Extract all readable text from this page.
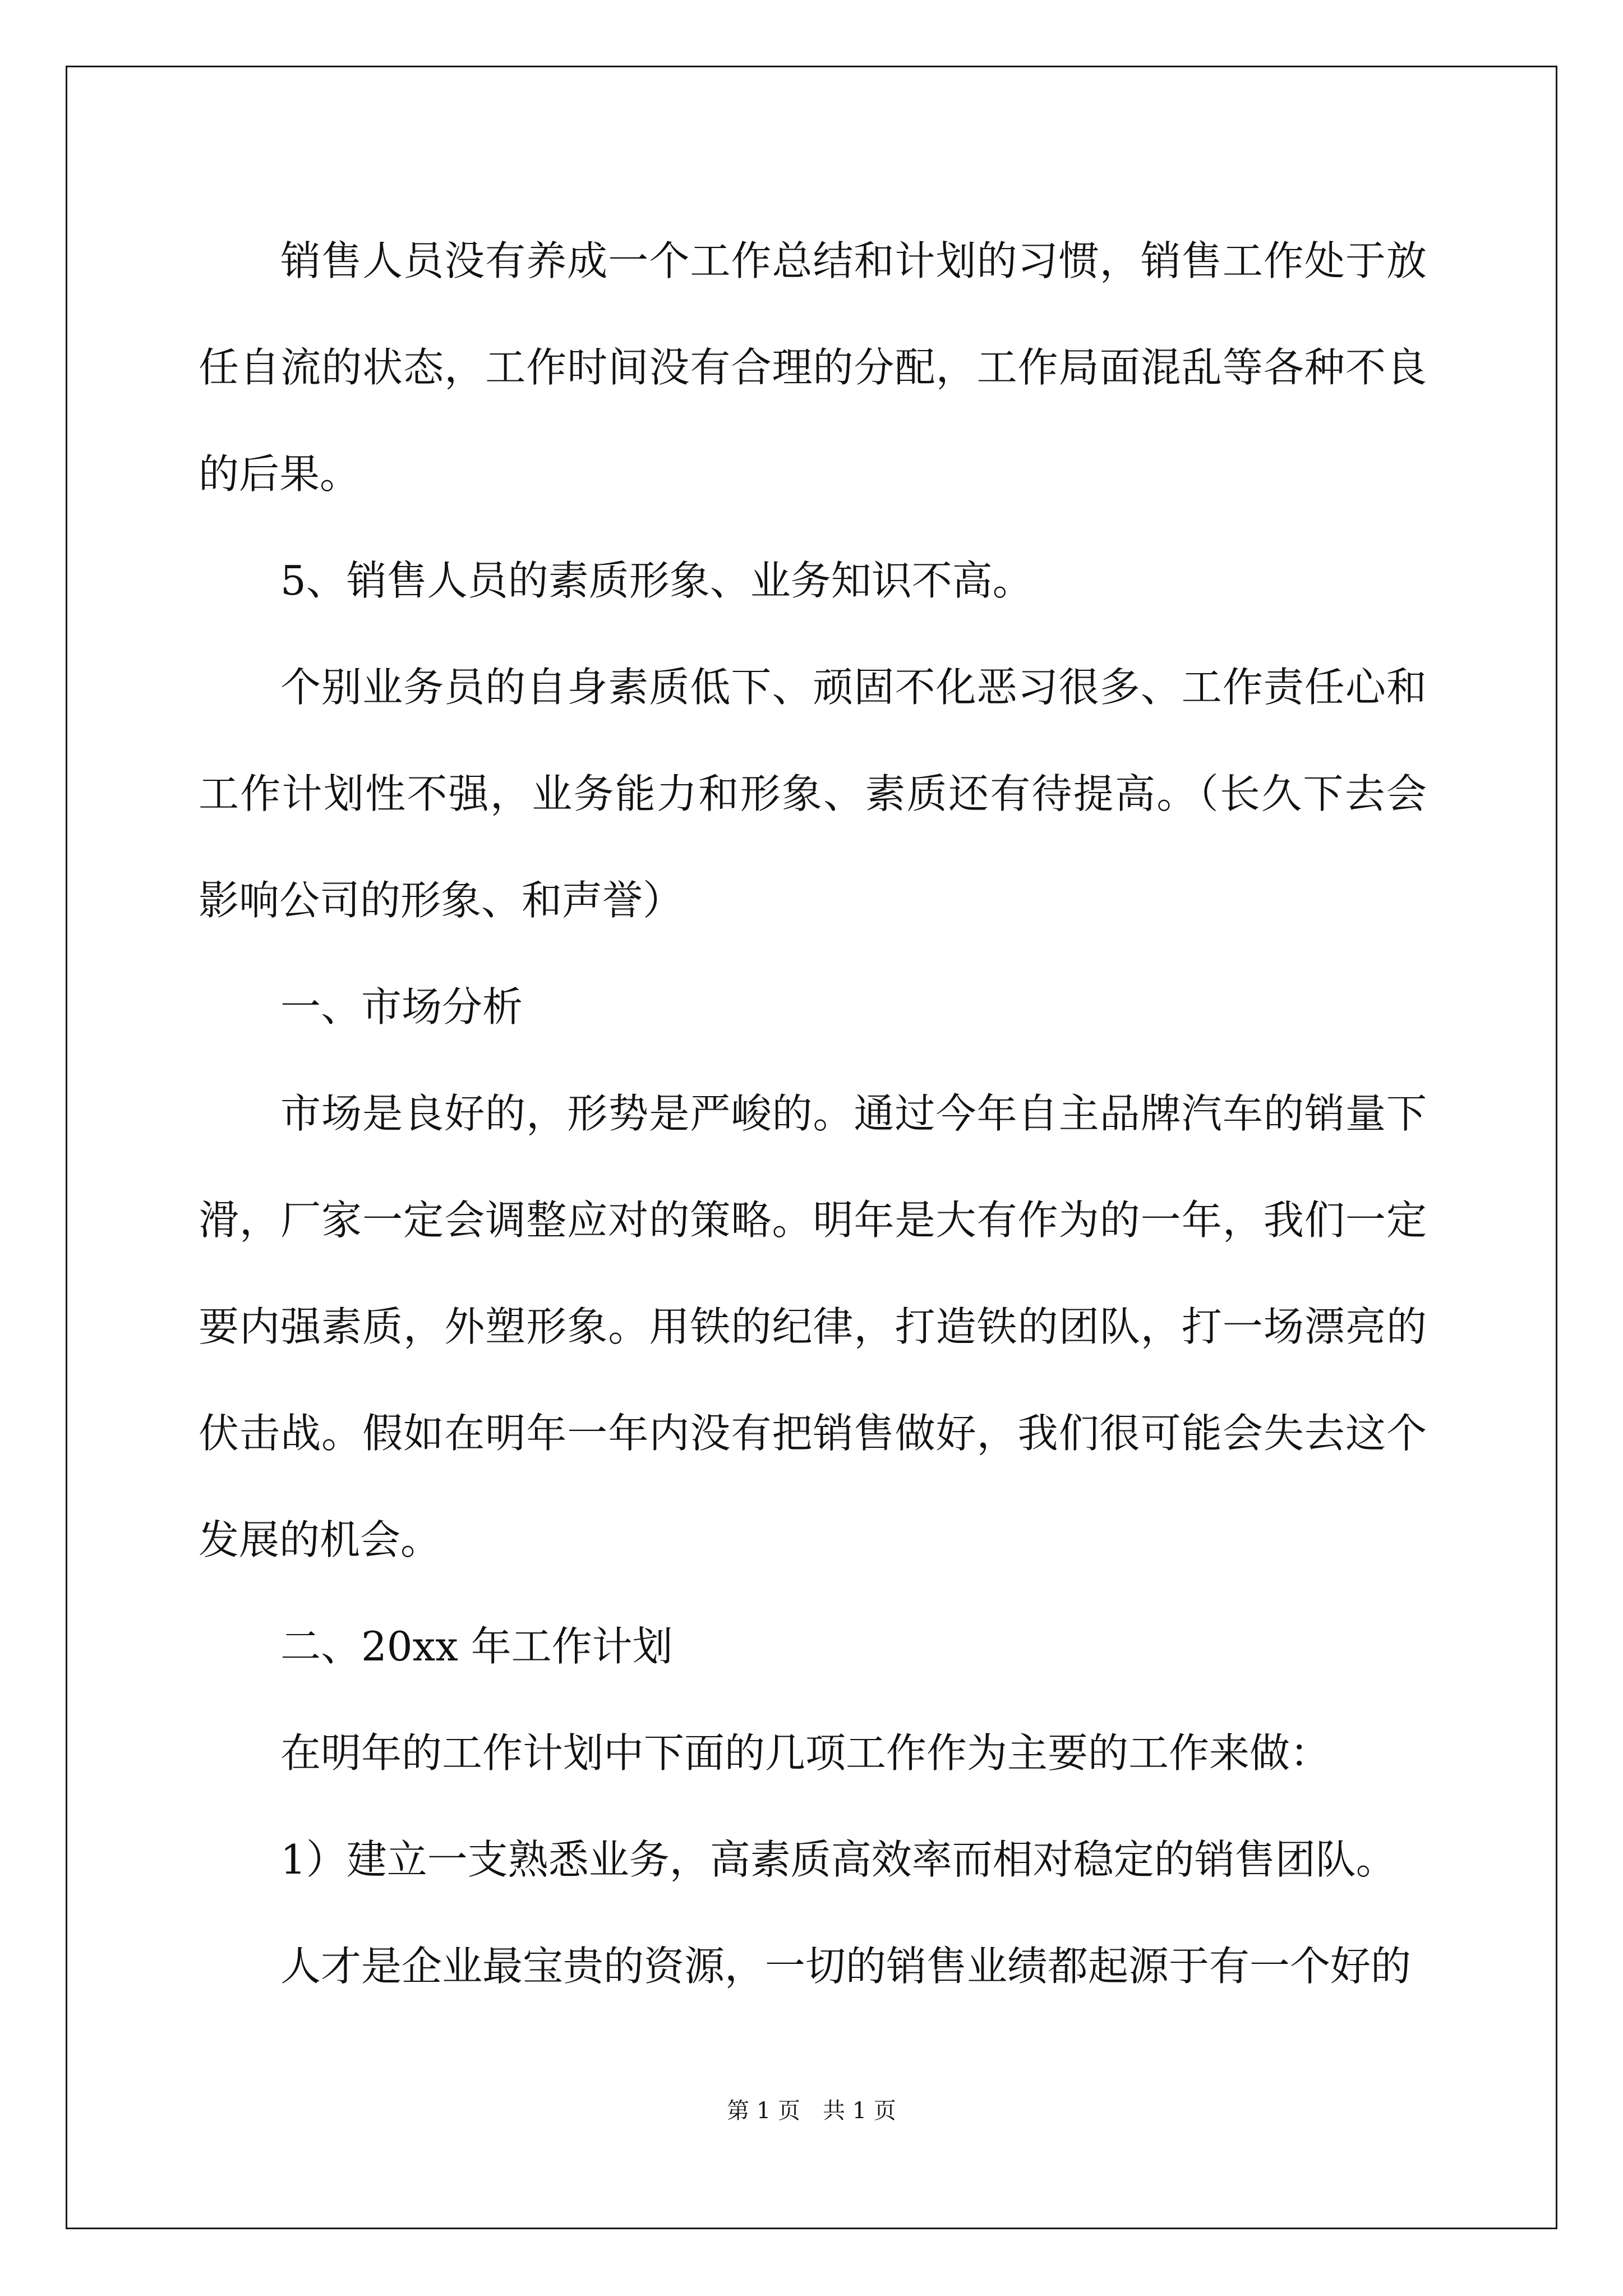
销售人员没有养成一个工作总结和计划的习惯，销售工作处于放任自流的状态，工作时间没有合理的分配，工作局面混乱等各种不良的后果。

5、销售人员的素质形象、业务知识不高。

个别业务员的自身素质低下、顽固不化恶习很多、工作责任心和工作计划性不强，业务能力和形象、素质还有待提高。（长久下去会影响公司的形象、和声誉）

一、市场分析

市场是良好的，形势是严峻的。通过今年自主品牌汽车的销量下滑，厂家一定会调整应对的策略。明年是大有作为的一年，我们一定要内强素质，外塑形象。用铁的纪律，打造铁的团队，打一场漂亮的伏击战。假如在明年一年内没有把销售做好，我们很可能会失去这个发展的机会。

二、20xx 年工作计划

在明年的工作计划中下面的几项工作作为主要的工作来做：

1）建立一支熟悉业务，高素质高效率而相对稳定的销售团队。

人才是企业最宝贵的资源，一切的销售业绩都起源于有一个好的

第 1 页　共 1 页
